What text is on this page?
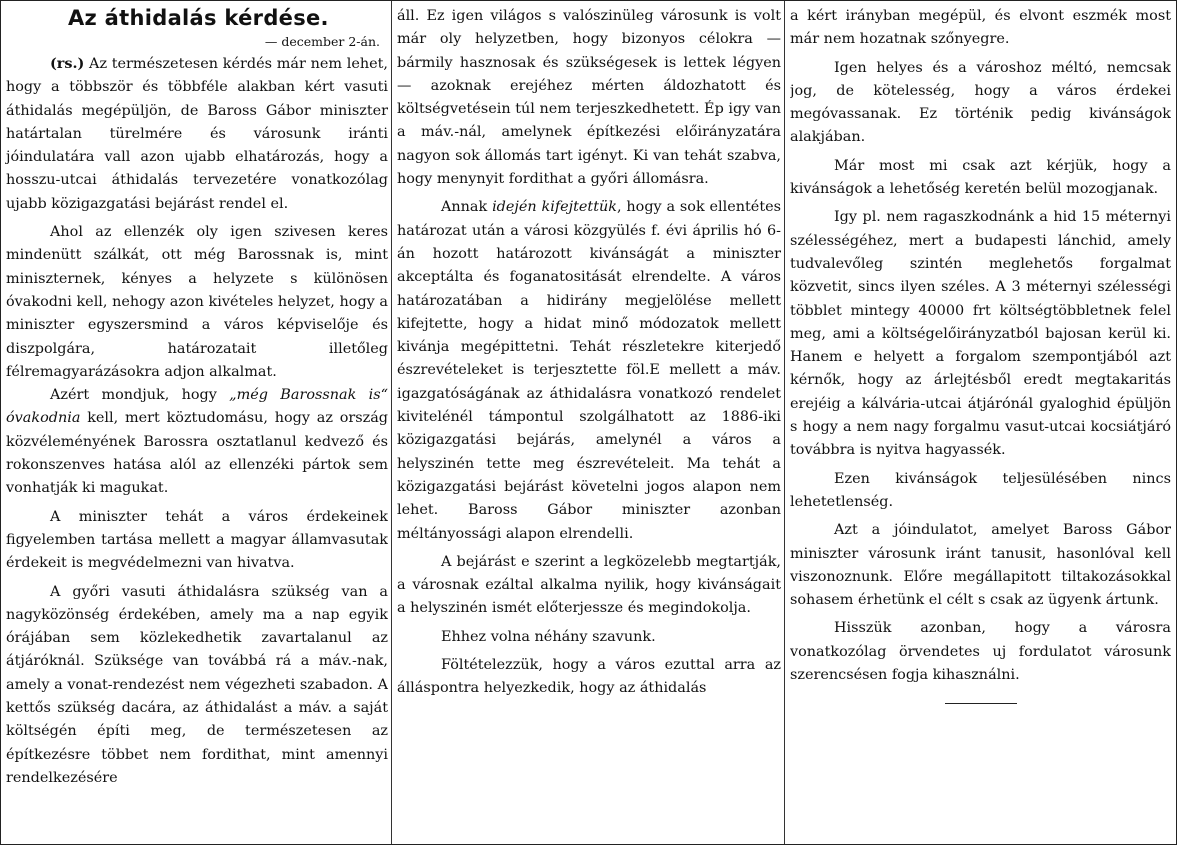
Az áthidalás kérdése.
— december 2-án.

(rs.) Az természetesen kérdés már nem lehet, hogy a többször és többféle alakban kért vasuti áthidalás megépüljön, de Baross Gábor miniszter határtalan türelmére és városunk iránti jóindulatára vall azon ujabb elhatározás, hogy a hosszu-utcai áthidalás tervezetére vonatkozólag ujabb közigazgatási bejárást rendel el.

Ahol az ellenzék oly igen szivesen keres mindenütt szálkát, ott még Barossnak is, mint miniszternek, kényes a helyzete s különösen óvakodni kell, nehogy azon kivételes helyzet, hogy a miniszter egyszersmind a város képviselője és diszpolgára, határozatait illetőleg félremagyarázásokra adjon alkalmat.

Azért mondjuk, hogy „még Barossnak is“ óvakodnia kell, mert köztudomásu, hogy az ország közvéleményének Barossra osztatlanul kedvező és rokonszenves hatása alól az ellenzéki pártok sem vonhatják ki magukat.

A miniszter tehát a város érdekeinek figyelemben tartása mellett a magyar államvasutak érdekeit is megvédelmezni van hivatva.

A győri vasuti áthidalásra szükség van a nagyközönség érdekében, amely ma a nap egyik órájában sem közlekedhetik zavartalanul az átjáróknál. Szüksége van továbbá rá a máv.-nak, amely a vonat-rendezést nem végezheti szabadon. A kettős szükség dacára, az áthidalást a máv. a saját költségén építi meg, de természetesen az építkezésre többet nem fordithat, mint amennyi rendelkezésére

áll. Ez igen világos s valószinüleg városunk is volt már oly helyzetben, hogy bizonyos célokra — bármily hasznosak és szükségesek is lettek légyen — azoknak erejéhez mérten áldozhatott és költségvetésein túl nem terjeszkedhetett. Ép igy van a máv.-nál, amelynek építkezési előirányzatára nagyon sok állomás tart igényt. Ki van tehát szabva, hogy menynyit fordithat a győri állomásra.

Annak idején kifejtettük, hogy a sok ellentétes határozat után a városi közgyülés f. évi április hó 6-án hozott határozott kivánságát a miniszter akceptálta és foganatositását elrendelte. A város határozatában a hidirány megjelölése mellett kifejtette, hogy a hidat minő módozatok mellett kivánja megépittetni. Tehát részletekre kiterjedő észrevételeket is terjesztette föl.E mellett a máv. igazgatóságának az áthidalásra vonatkozó rendelet kivitelénél támpontul szolgálhatott az 1886-iki közigazgatási bejárás, amelynél a város a helyszinén tette meg észrevételeit. Ma tehát a közigazgatási bejárást követelni jogos alapon nem lehet. Baross Gábor miniszter azonban méltányossági alapon elrendelli.

A bejárást e szerint a legközelebb megtartják, a városnak ezáltal alkalma nyilik, hogy kivánságait a helyszinén ismét előterjessze és megindokolja.

Ehhez volna néhány szavunk.

Föltételezzük, hogy a város ezuttal arra az álláspontra helyezkedik, hogy az áthidalás

a kért irányban megépül, és elvont eszmék most már nem hozatnak szőnyegre.

Igen helyes és a városhoz méltó, nemcsak jog, de kötelesség, hogy a város érdekei megóvassanak. Ez történik pedig kivánságok alakjában.

Már most mi csak azt kérjük, hogy a kivánságok a lehetőség keretén belül mozogjanak.

Igy pl. nem ragaszkodnánk a hid 15 méternyi szélességéhez, mert a budapesti lánchid, amely tudvalevőleg szintén meglehetős forgalmat közvetit, sincs ilyen széles. A 3 méternyi szélességi többlet mintegy 40000 frt költségtöbbletnek felel meg, ami a költségelőirányzatból bajosan kerül ki. Hanem e helyett a forgalom szempontjából azt kérnők, hogy az árlejtésből eredt megtakaritás erejéig a kálvária-utcai átjárónál gyaloghid épüljön s hogy a nem nagy forgalmu vasut-utcai kocsiátjáró továbbra is nyitva hagyassék.

Ezen kivánságok teljesülésében nincs lehetetlenség.

Azt a jóindulatot, amelyet Baross Gábor miniszter városunk iránt tanusit, hasonlóval kell viszonoznunk. Előre megállapitott tiltakozásokkal sohasem érhetünk el célt s csak az ügyenk ártunk.

Hisszük azonban, hogy a városra vonatkozólag örvendetes uj fordulatot városunk szerencsésen fogja kihasználni.
